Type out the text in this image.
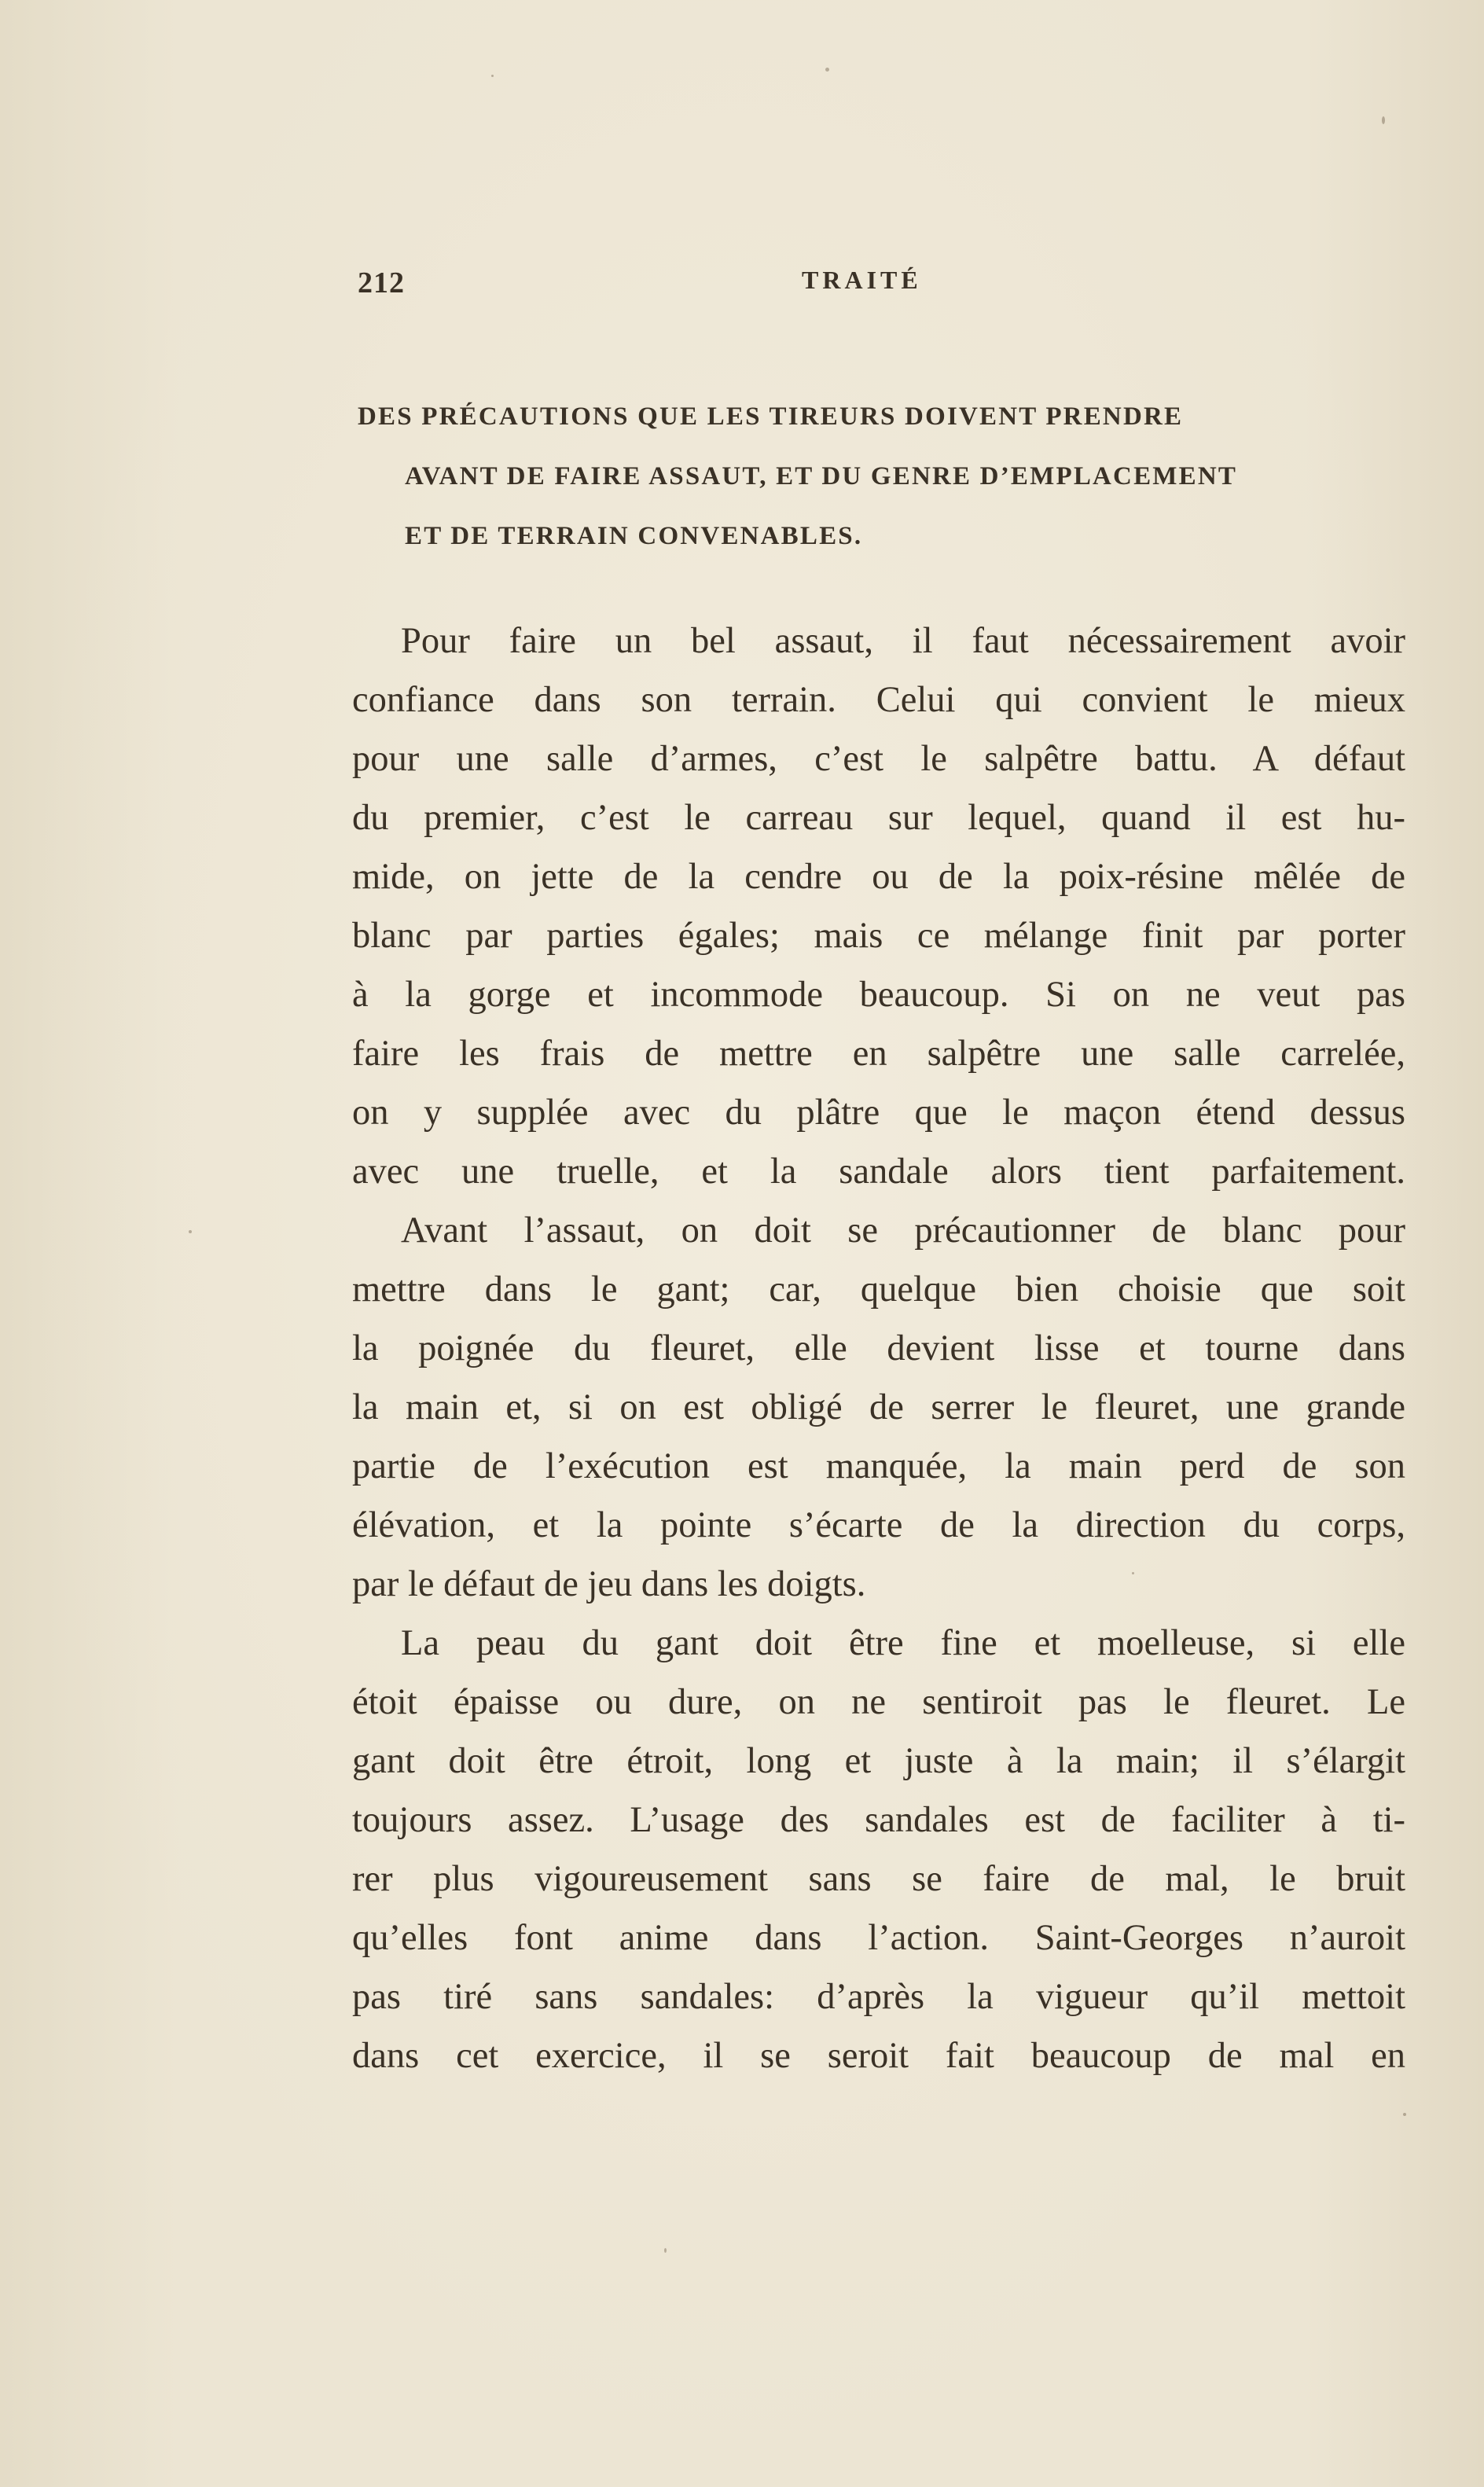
212	TRAITÉ
DES PRÉCAUTIONS QUE LES TIREURS DOIVENT PRENDRE
AVANT DE FAIRE ASSAUT, ET DU GENRE D’EMPLACEMENT
ET DE TERRAIN CONVENABLES.
Pour faire un bel assaut, il faut nécessairement avoir
confiance dans son terrain. Celui qui convient le mieux
pour une salle d’armes, c’est le salpêtre battu. A défaut
du premier, c’est le carreau sur lequel, quand il est hu-
mide, on jette de la cendre ou de la poix-résine mêlée de
blanc par parties égales; mais ce mélange finit par porter
à la gorge et incommode beaucoup. Si on ne veut pas
faire les frais de mettre en salpêtre une salle carrelée,
on y supplée avec du plâtre que le maçon étend dessus
avec une truelle, et la sandale alors tient parfaitement.
Avant l’assaut, on doit se précautionner de blanc pour
mettre dans le gant; car, quelque bien choisie que soit
la poignée du fleuret, elle devient lisse et tourne dans
la main et, si on est obligé de serrer le fleuret, une grande
partie de l’exécution est manquée, la main perd de son
élévation, et la pointe s’écarte de la direction du corps,
par le défaut de jeu dans les doigts.
La peau du gant doit être fine et moelleuse, si elle
étoit épaisse ou dure, on ne sentiroit pas le fleuret. Le
gant doit être étroit, long et juste à la main; il s’élargit
toujours assez. L’usage des sandales est de faciliter à ti-
rer plus vigoureusement sans se faire de mal, le bruit
qu’elles font anime dans l’action. Saint-Georges n’auroit
pas tiré sans sandales: d’après la vigueur qu’il mettoit
dans cet exercice, il se seroit fait beaucoup de mal en
